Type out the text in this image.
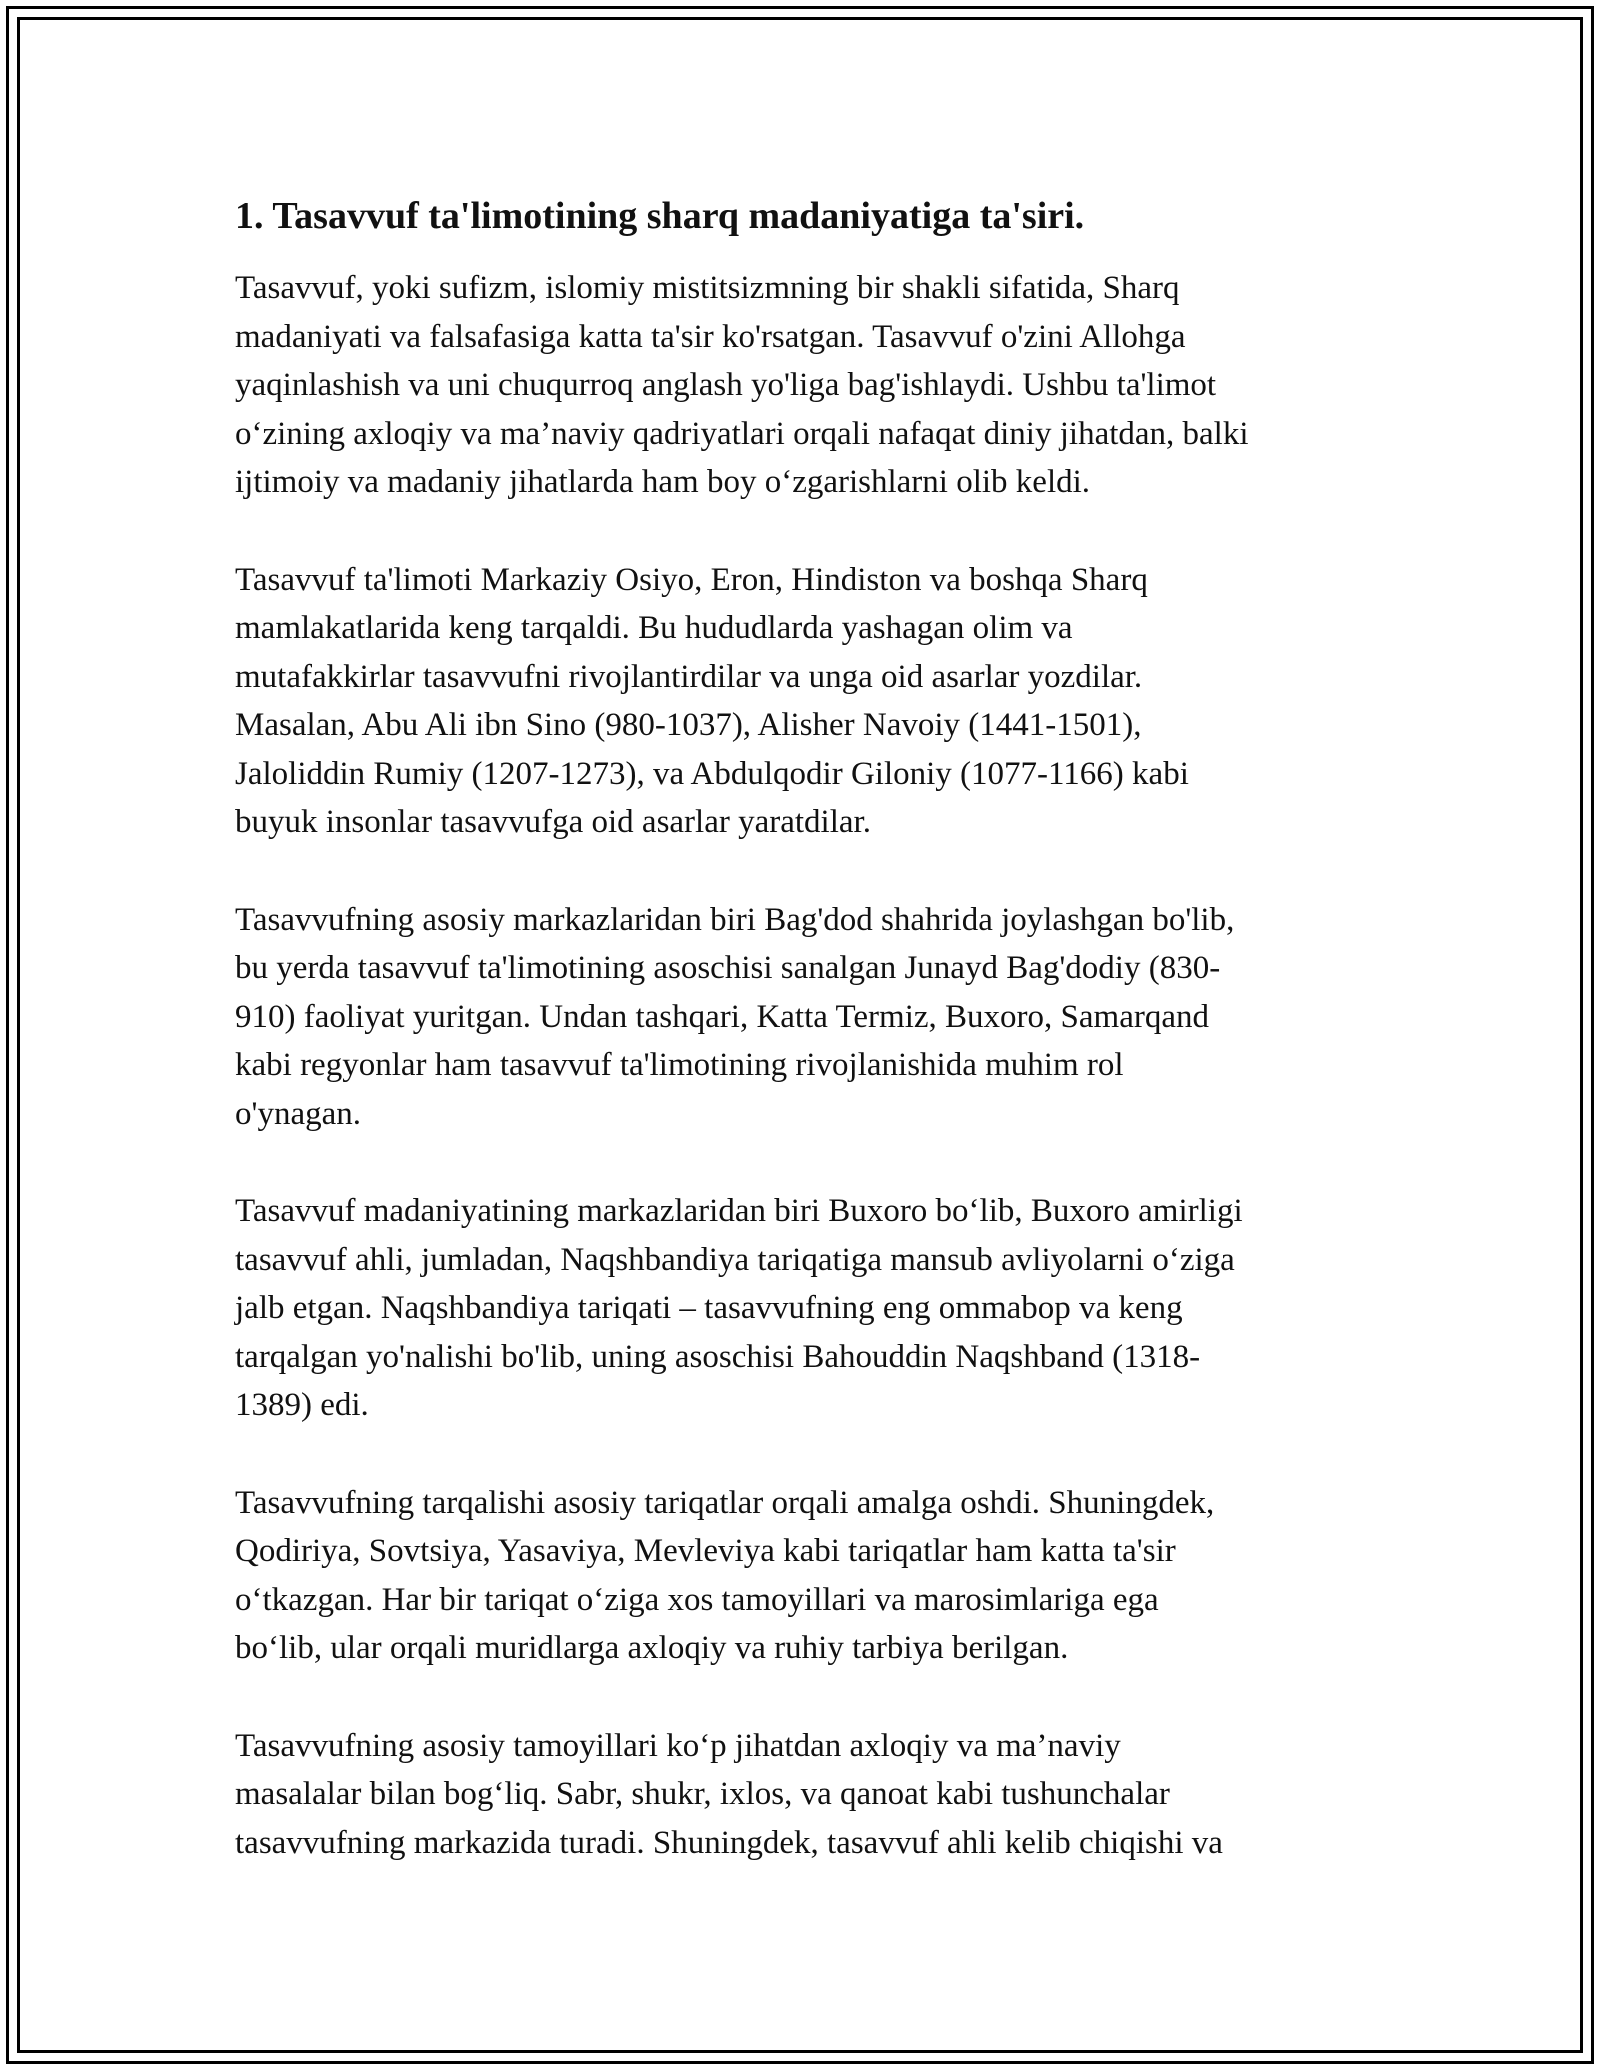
1. Tasavvuf ta'limotining sharq madaniyatiga ta'siri.

Tasavvuf, yoki sufizm, islomiy mistitsizmning bir shakli sifatida, Sharq
madaniyati va falsafasiga katta ta'sir ko'rsatgan. Tasavvuf o'zini Allohga
yaqinlashish va uni chuqurroq anglash yo'liga bag'ishlaydi. Ushbu ta'limot
o‘zining axloqiy va ma’naviy qadriyatlari orqali nafaqat diniy jihatdan, balki
ijtimoiy va madaniy jihatlarda ham boy o‘zgarishlarni olib keldi.

Tasavvuf ta'limoti Markaziy Osiyo, Eron, Hindiston va boshqa Sharq
mamlakatlarida keng tarqaldi. Bu hududlarda yashagan olim va
mutafakkirlar tasavvufni rivojlantirdilar va unga oid asarlar yozdilar.
Masalan, Abu Ali ibn Sino (980-1037), Alisher Navoiy (1441-1501),
Jaloliddin Rumiy (1207-1273), va Abdulqodir Giloniy (1077-1166) kabi
buyuk insonlar tasavvufga oid asarlar yaratdilar.

Tasavvufning asosiy markazlaridan biri Bag'dod shahrida joylashgan bo'lib,
bu yerda tasavvuf ta'limotining asoschisi sanalgan Junayd Bag'dodiy (830-
910) faoliyat yuritgan. Undan tashqari, Katta Termiz, Buxoro, Samarqand
kabi regyonlar ham tasavvuf ta'limotining rivojlanishida muhim rol
o'ynagan.

Tasavvuf madaniyatining markazlaridan biri Buxoro bo‘lib, Buxoro amirligi
tasavvuf ahli, jumladan, Naqshbandiya tariqatiga mansub avliyolarni o‘ziga
jalb etgan. Naqshbandiya tariqati – tasavvufning eng ommabop va keng
tarqalgan yo'nalishi bo'lib, uning asoschisi Bahouddin Naqshband (1318-
1389) edi.

Tasavvufning tarqalishi asosiy tariqatlar orqali amalga oshdi. Shuningdek,
Qodiriya, Sovtsiya, Yasaviya, Mevleviya kabi tariqatlar ham katta ta'sir
o‘tkazgan. Har bir tariqat o‘ziga xos tamoyillari va marosimlariga ega
bo‘lib, ular orqali muridlarga axloqiy va ruhiy tarbiya berilgan.

Tasavvufning asosiy tamoyillari ko‘p jihatdan axloqiy va ma’naviy
masalalar bilan bog‘liq. Sabr, shukr, ixlos, va qanoat kabi tushunchalar
tasavvufning markazida turadi. Shuningdek, tasavvuf ahli kelib chiqishi va
